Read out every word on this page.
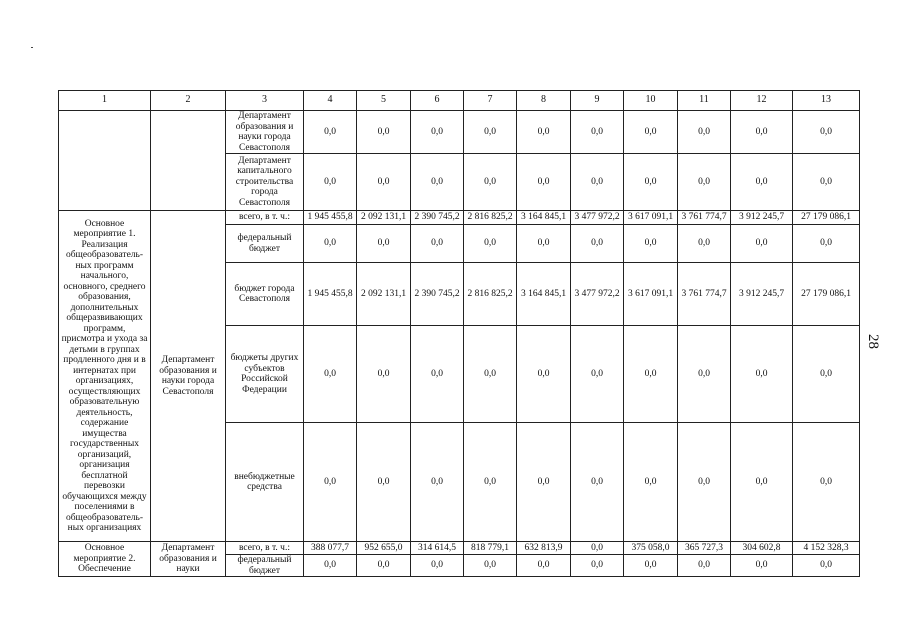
1	2	3	4	5	6	7	8	9	10	11	12	13
		Департамент образования и науки города Севастополя	0,0	0,0	0,0	0,0	0,0	0,0	0,0	0,0	0,0	0,0
		Департамент капитального строительства города Севастополя	0,0	0,0	0,0	0,0	0,0	0,0	0,0	0,0	0,0	0,0
Основное мероприятие 1. Реализация общеобразователь-ных программ начального, основного, среднего образования, дополнительных общеразвивающих программ, присмотра и ухода за детьми в группах продленного дня и в интернатах при организациях, осуществляющих образовательную деятельность, содержание имущества государственных организаций, организация бесплатной перевозки обучающихся между поселениями в общеобразователь-ных организациях	Департамент образования и науки города Севастополя	всего, в т. ч.:	1 945 455,8	2 092 131,1	2 390 745,2	2 816 825,2	3 164 845,1	3 477 972,2	3 617 091,1	3 761 774,7	3 912 245,7	27 179 086,1
		федеральный бюджет	0,0	0,0	0,0	0,0	0,0	0,0	0,0	0,0	0,0	0,0
		бюджет города Севастополя	1 945 455,8	2 092 131,1	2 390 745,2	2 816 825,2	3 164 845,1	3 477 972,2	3 617 091,1	3 761 774,7	3 912 245,7	27 179 086,1
		бюджеты других субъектов Российской Федерации	0,0	0,0	0,0	0,0	0,0	0,0	0,0	0,0	0,0	0,0
		внебюджетные средства	0,0	0,0	0,0	0,0	0,0	0,0	0,0	0,0	0,0	0,0
Основное мероприятие 2. Обеспечение	Департамент образования и науки	всего, в т. ч.:	388 077,7	952 655,0	314 614,5	818 779,1	632 813,9	0,0	375 058,0	365 727,3	304 602,8	4 152 328,3
		федеральный бюджет	0,0	0,0	0,0	0,0	0,0	0,0	0,0	0,0	0,0	0,0
28
